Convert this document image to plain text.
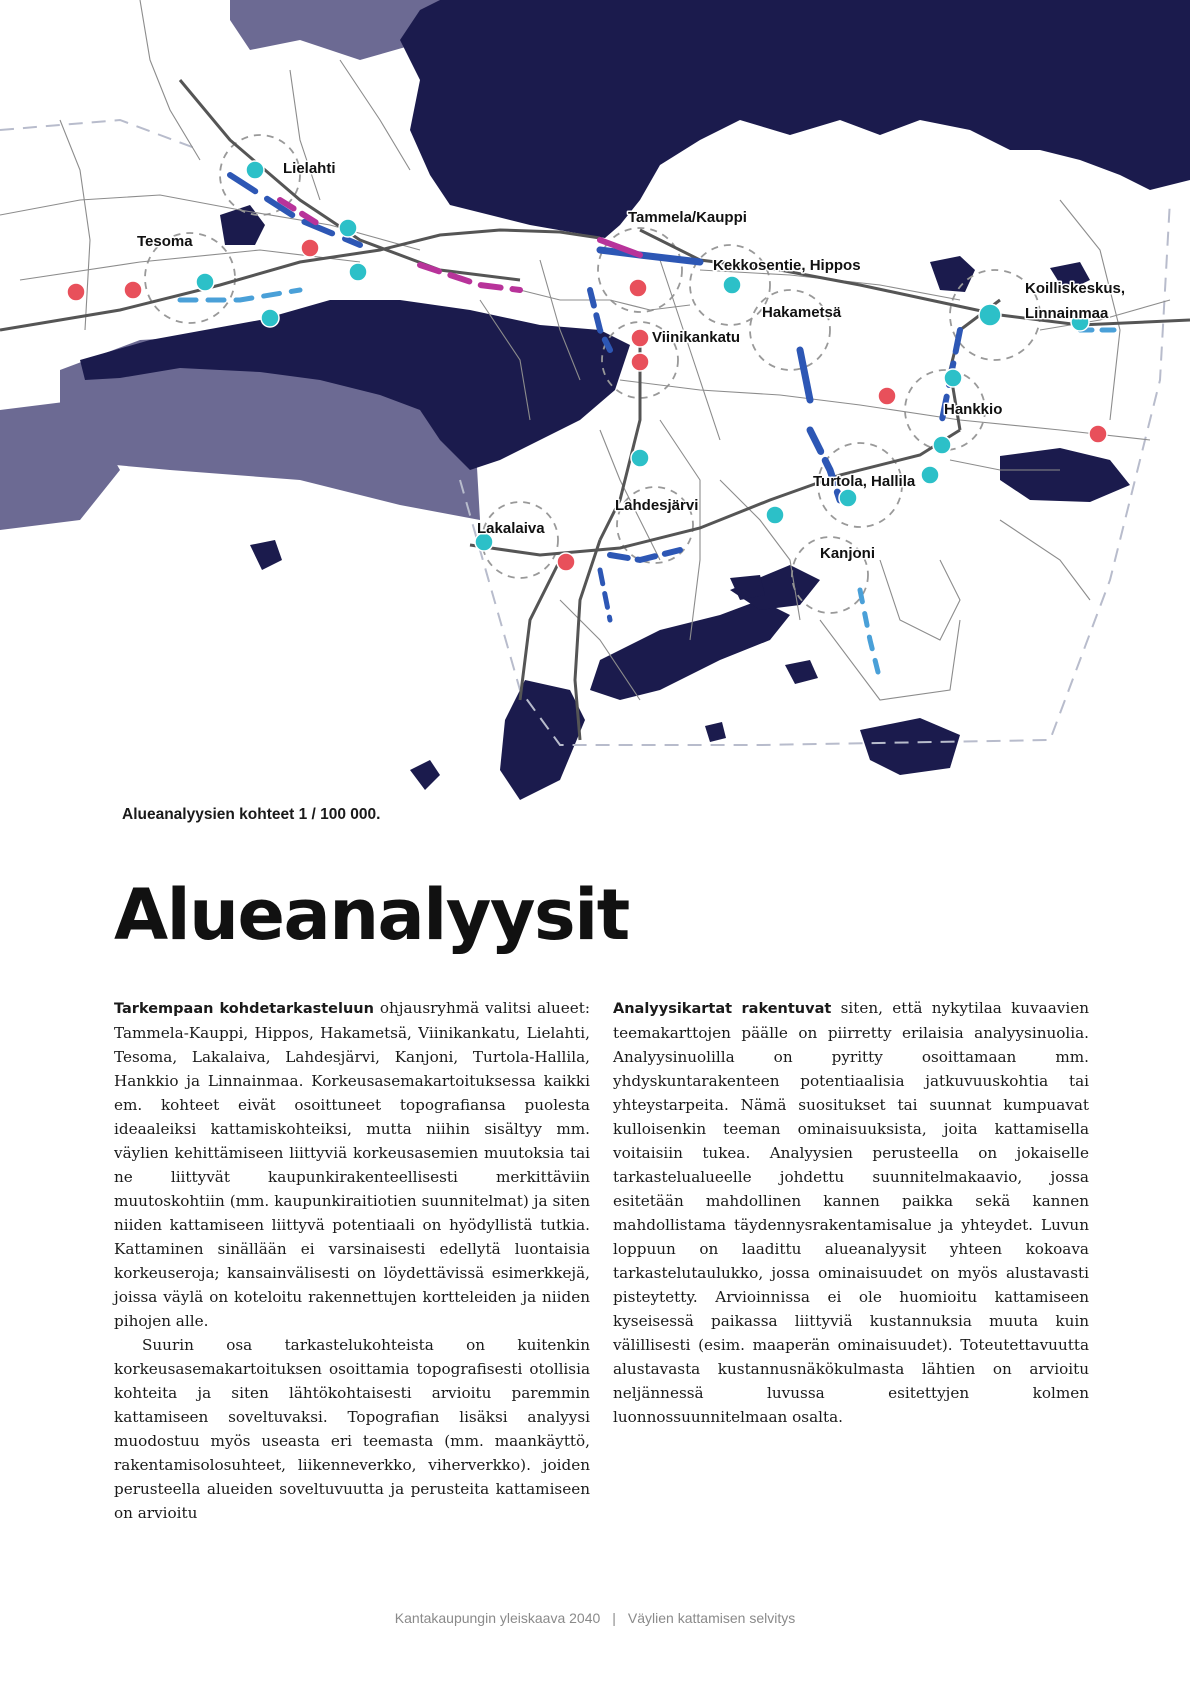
Lielahti
Tesoma
Tammela/Kauppi
Kekkosentie, Hippos
Hakametsä
Koilliskeskus,
Linnainmaa
Viinikankatu
Hankkio
Turtola, Hallila
Lahdesjärvi
Lakalaiva
Kanjoni

Alueanalyysien kohteet 1 / 100 000.

Alueanalyysit

Tarkempaan kohdetarkasteluun ohjausryhmä valitsi alueet: Tammela-Kauppi, Hippos, Hakametsä, Viinikankatu, Lielahti, Tesoma, Lakalaiva, Lahdesjärvi, Kanjoni, Turtola-Hallila, Hankkio ja Linnainmaa. Korkeusasemakartoituksessa kaikki em. kohteet eivät osoittuneet topografiansa puolesta ideaaleiksi kattamiskohteiksi, mutta niihin sisältyy mm. väylien kehittämiseen liittyviä korkeusasemien muutoksia tai ne liittyvät kaupunkirakenteellisesti merkittäviin muutoskohtiin (mm. kaupunkiraitiotien suunnitelmat) ja siten niiden kattamiseen liittyvä potentiaali on hyödyllistä tutkia. Kattaminen sinällään ei varsinaisesti edellytä luontaisia korkeuseroja; kansainvälisesti on löydettävissä esimerkkejä, joissa väylä on koteloitu rakennettujen kortteleiden ja niiden pihojen alle.

Suurin osa tarkastelukohteista on kuitenkin korkeusasemakartoituksen osoittamia topografisesti otollisia kohteita ja siten lähtökohtaisesti arvioitu paremmin kattamiseen soveltuvaksi. Topografian lisäksi analyysi muodostuu myös useasta eri teemasta (mm. maankäyttö, rakentamisolosuhteet, liikenneverkko, viherverkko). joiden perusteella alueiden soveltuvuutta ja perusteita kattamiseen on arvioitu

Analyysikartat rakentuvat siten, että nykytilaa kuvaavien teemakarttojen päälle on piirretty erilaisia analyysinuolia. Analyysinuolilla on pyritty osoittamaan mm. yhdyskuntarakenteen potentiaalisia jatkuvuuskohtia tai yhteystarpeita. Nämä suositukset tai suunnat kumpuavat kulloisenkin teeman ominaisuuksista, joita kattamisella voitaisiin tukea. Analyysien perusteella on jokaiselle tarkastelualueelle johdettu suunnitelmakaavio, jossa esitetään mahdollinen kannen paikka sekä kannen mahdollistama täydennysrakentamisalue ja yhteydet. Luvun loppuun on laadittu alueanalyysit yhteen kokoava tarkastelutaulukko, jossa ominaisuudet on myös alustavasti pisteytetty. Arvioinnissa ei ole huomioitu kattamiseen kyseisessä paikassa liittyviä kustannuksia muuta kuin välillisesti (esim. maaperän ominaisuudet). Toteutettavuutta alustavasta kustannusnäkökulmasta lähtien on arvioitu neljännessä luvussa esitettyjen kolmen luonnossuunnitelmaan osalta.

Kantakaupungin yleiskaava 2040 | Väylien kattamisen selvitys
